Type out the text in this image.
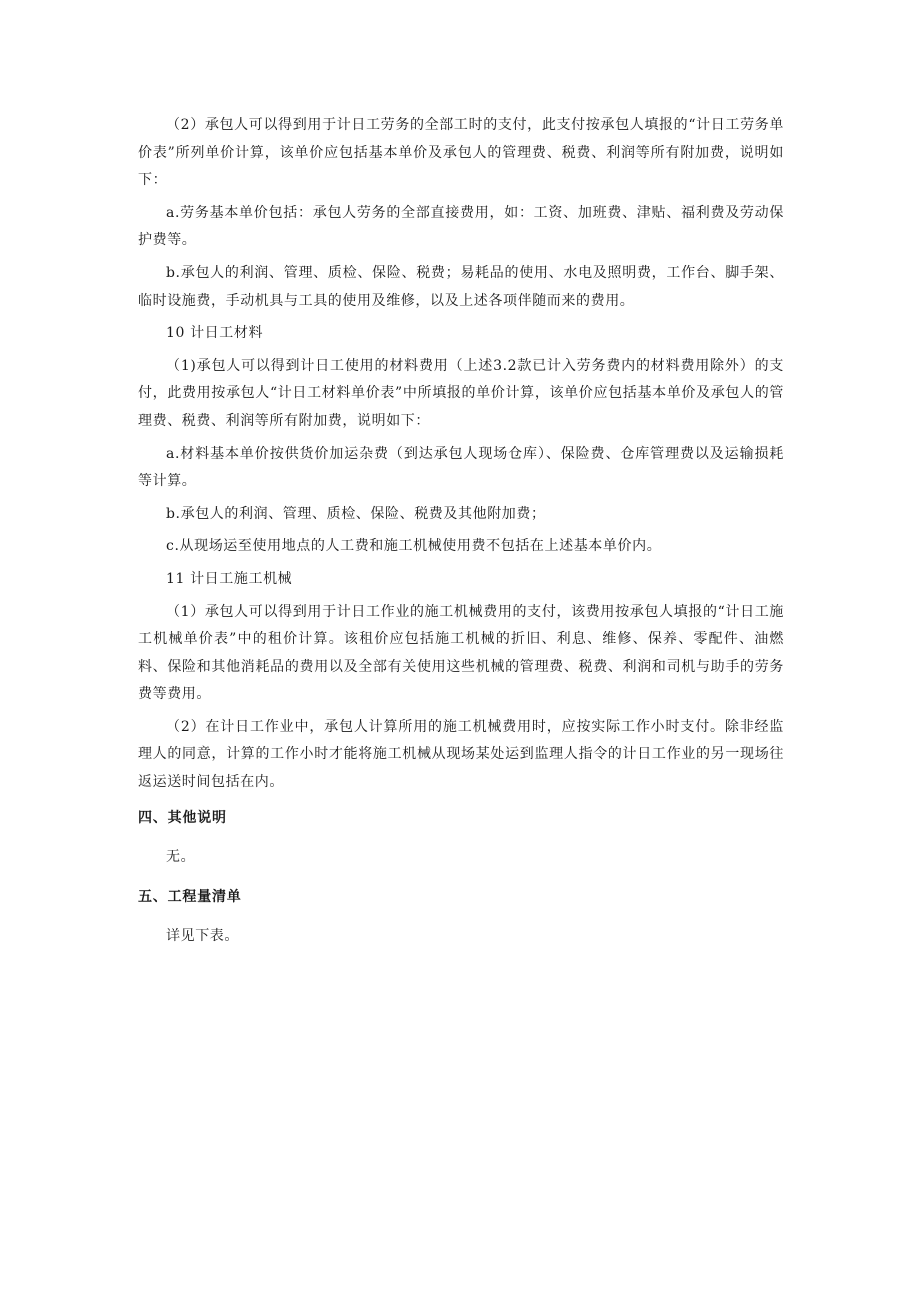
（2）承包人可以得到用于计日工劳务的全部工时的支付，此支付按承包人填报的“计日工劳务单价表”所列单价计算，该单价应包括基本单价及承包人的管理费、税费、利润等所有附加费，说明如下：

a.劳务基本单价包括：承包人劳务的全部直接费用，如：工资、加班费、津贴、福利费及劳动保护费等。

b.承包人的利润、管理、质检、保险、税费；易耗品的使用、水电及照明费，工作台、脚手架、临时设施费，手动机具与工具的使用及维修，以及上述各项伴随而来的费用。

10 计日工材料

（1)承包人可以得到计日工使用的材料费用（上述3.2款已计入劳务费内的材料费用除外）的支付，此费用按承包人“计日工材料单价表”中所填报的单价计算，该单价应包括基本单价及承包人的管理费、税费、利润等所有附加费，说明如下：

a.材料基本单价按供货价加运杂费（到达承包人现场仓库）、保险费、仓库管理费以及运输损耗等计算。

b.承包人的利润、管理、质检、保险、税费及其他附加费；

c.从现场运至使用地点的人工费和施工机械使用费不包括在上述基本单价内。

11 计日工施工机械

（1）承包人可以得到用于计日工作业的施工机械费用的支付，该费用按承包人填报的“计日工施工机械单价表”中的租价计算。该租价应包括施工机械的折旧、利息、维修、保养、零配件、油燃料、保险和其他消耗品的费用以及全部有关使用这些机械的管理费、税费、利润和司机与助手的劳务费等费用。

（2）在计日工作业中，承包人计算所用的施工机械费用时，应按实际工作小时支付。除非经监理人的同意，计算的工作小时才能将施工机械从现场某处运到监理人指令的计日工作业的另一现场往返运送时间包括在内。

四、其他说明

无。

五、工程量清单

详见下表。
